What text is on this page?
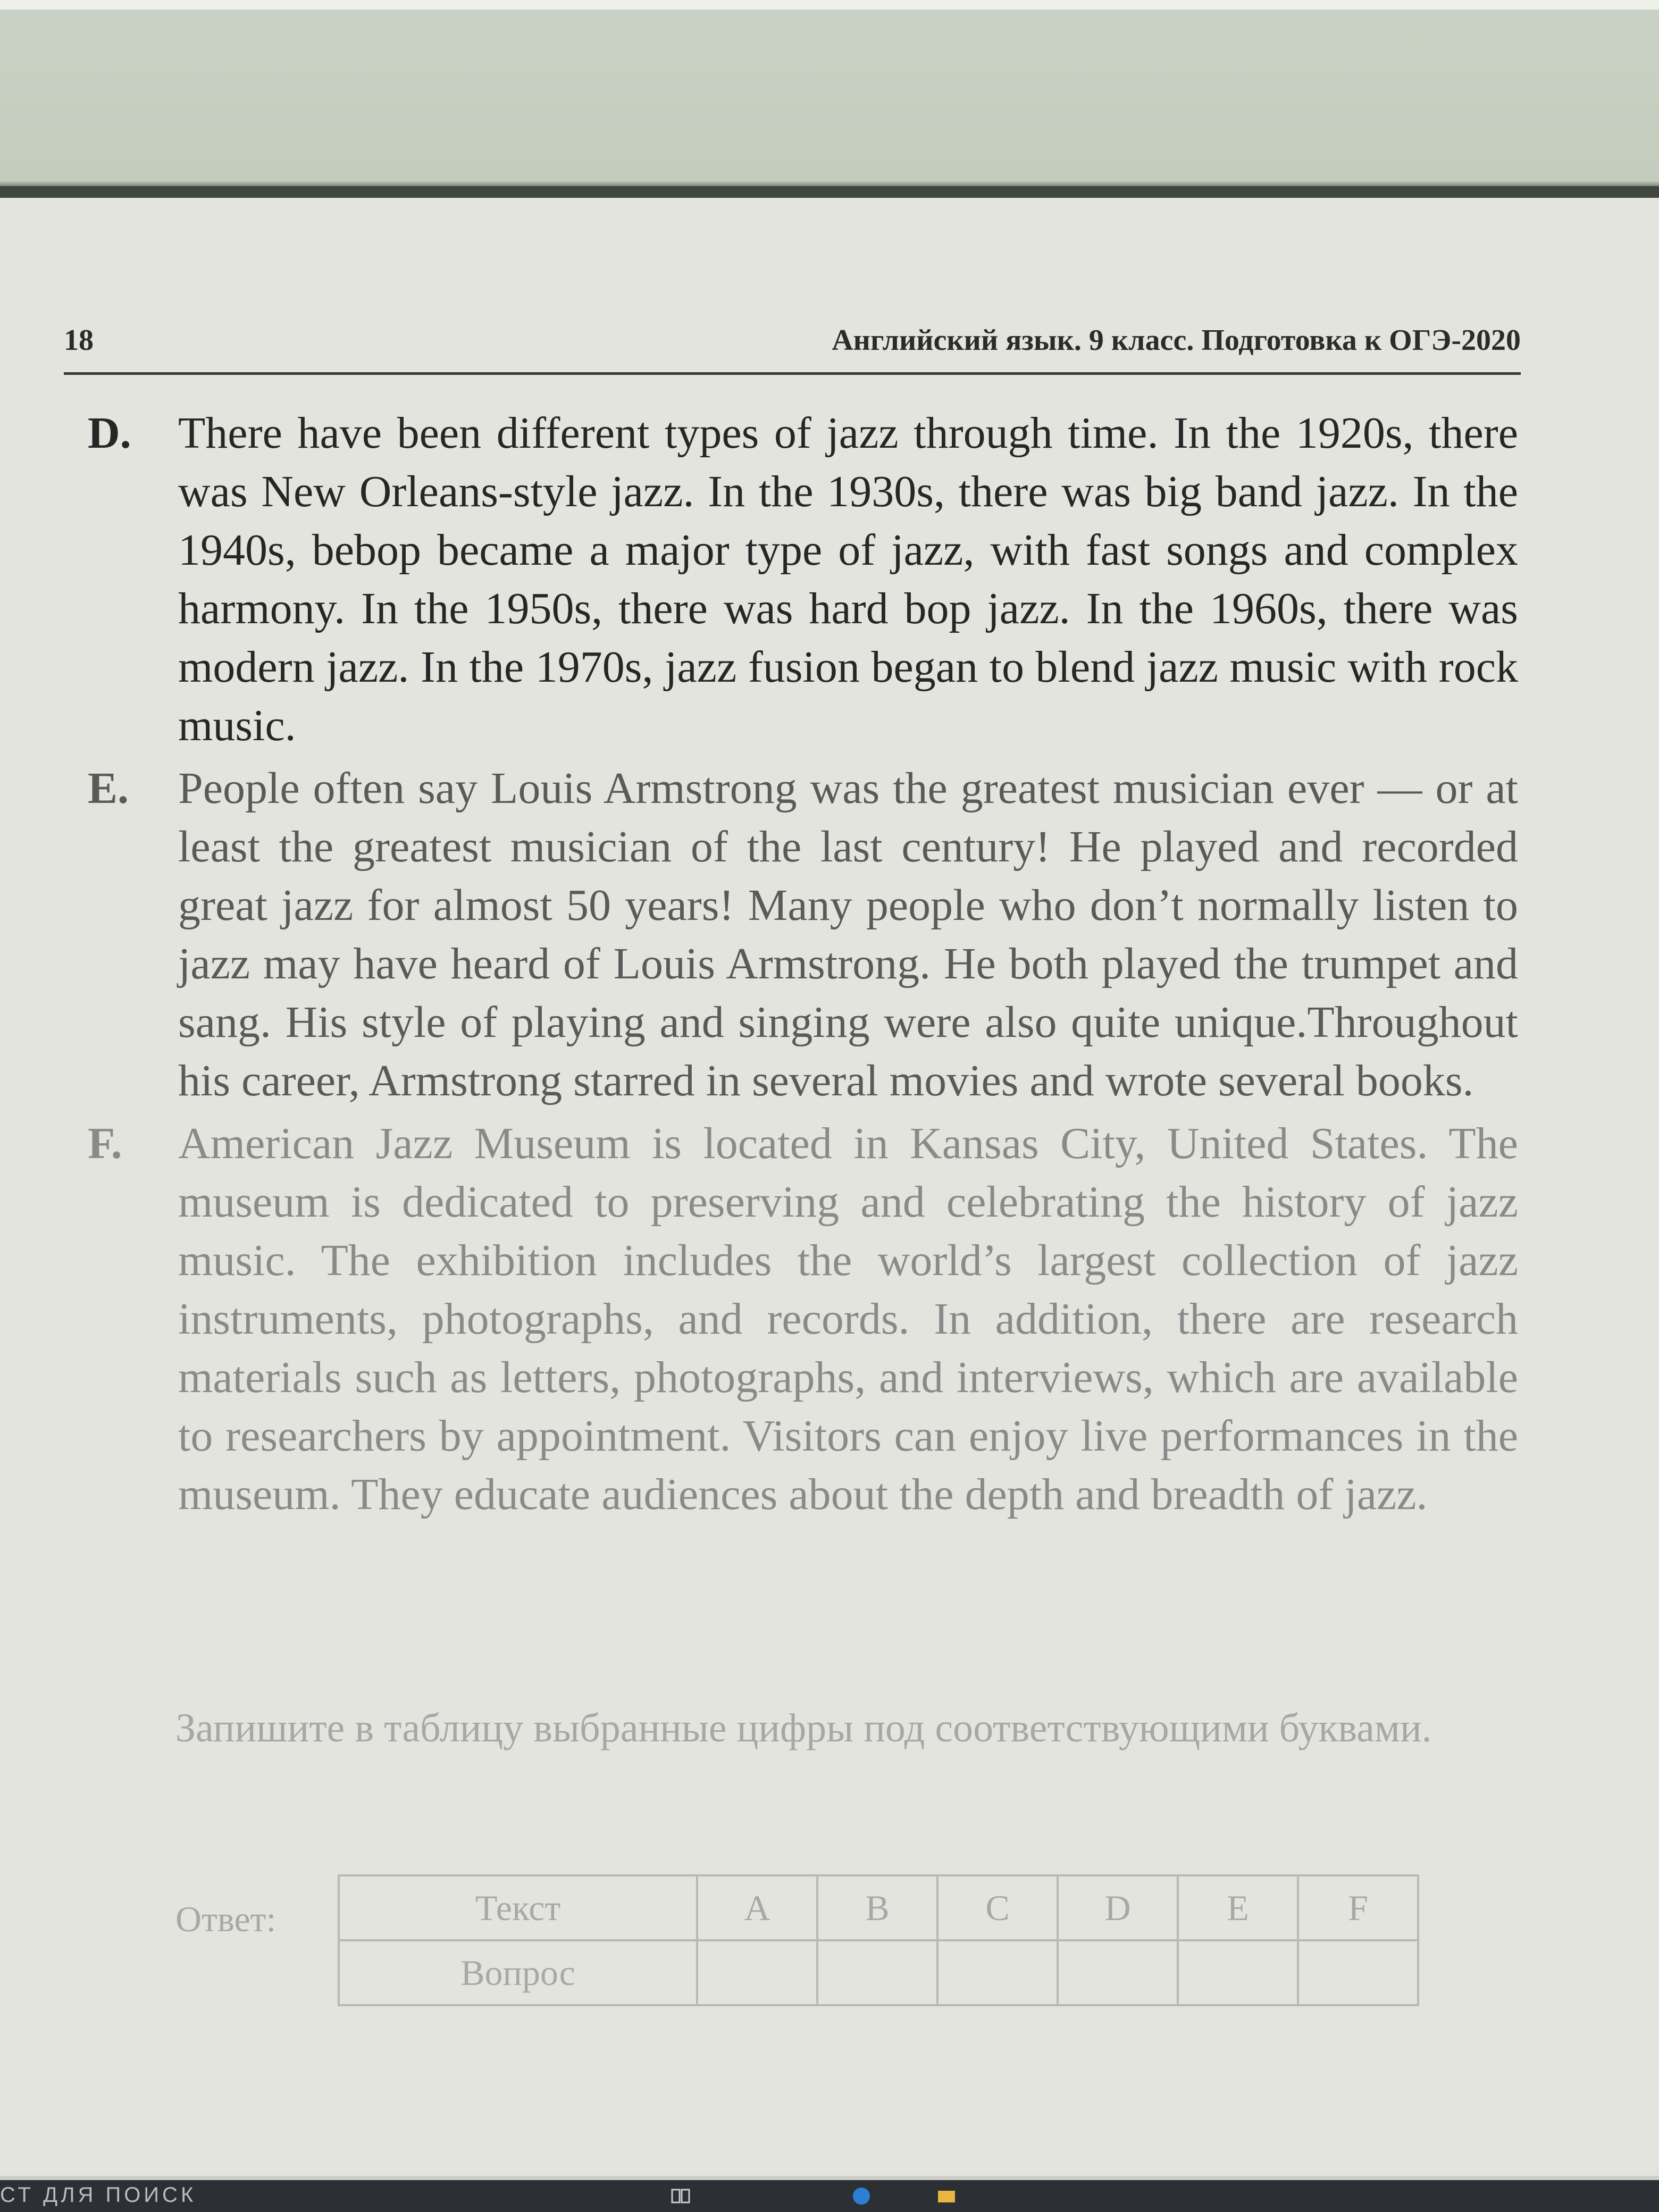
18	Английский язык. 9 класс. Подготовка к ОГЭ-2020
D. There have been different types of jazz through time. In the 1920s, there was New Orleans-style jazz. In the 1930s, there was big band jazz. In the 1940s, bebop became a major type of jazz, with fast songs and complex harmony. In the 1950s, there was hard bop jazz. In the 1960s, there was modern jazz. In the 1970s, jazz fusion began to blend jazz music with rock music.
E. People often say Louis Armstrong was the greatest musician ever — or at least the greatest musician of the last century! He played and recorded great jazz for almost 50 years! Many people who don’t normally listen to jazz may have heard of Louis Armstrong. He both played the trumpet and sang. His style of playing and singing were also quite unique.Throughout his career, Armstrong starred in several movies and wrote several books.
F. American Jazz Museum is located in Kansas City, United States. The museum is dedicated to preserving and celebrating the history of jazz music. The exhibition includes the world’s largest collection of jazz instruments, photographs, and records. In addition, there are research materials such as letters, photographs, and interviews, which are available to researchers by appointment. Visitors can enjoy live performances in the museum. They educate audiences about the depth and breadth of jazz.
Запишите в таблицу выбранные цифры под соответствующими буквами.
Ответ:	Текст	A	B	C	D	E	F
Вопрос						
СТ ДЛЯ ПОИСК
